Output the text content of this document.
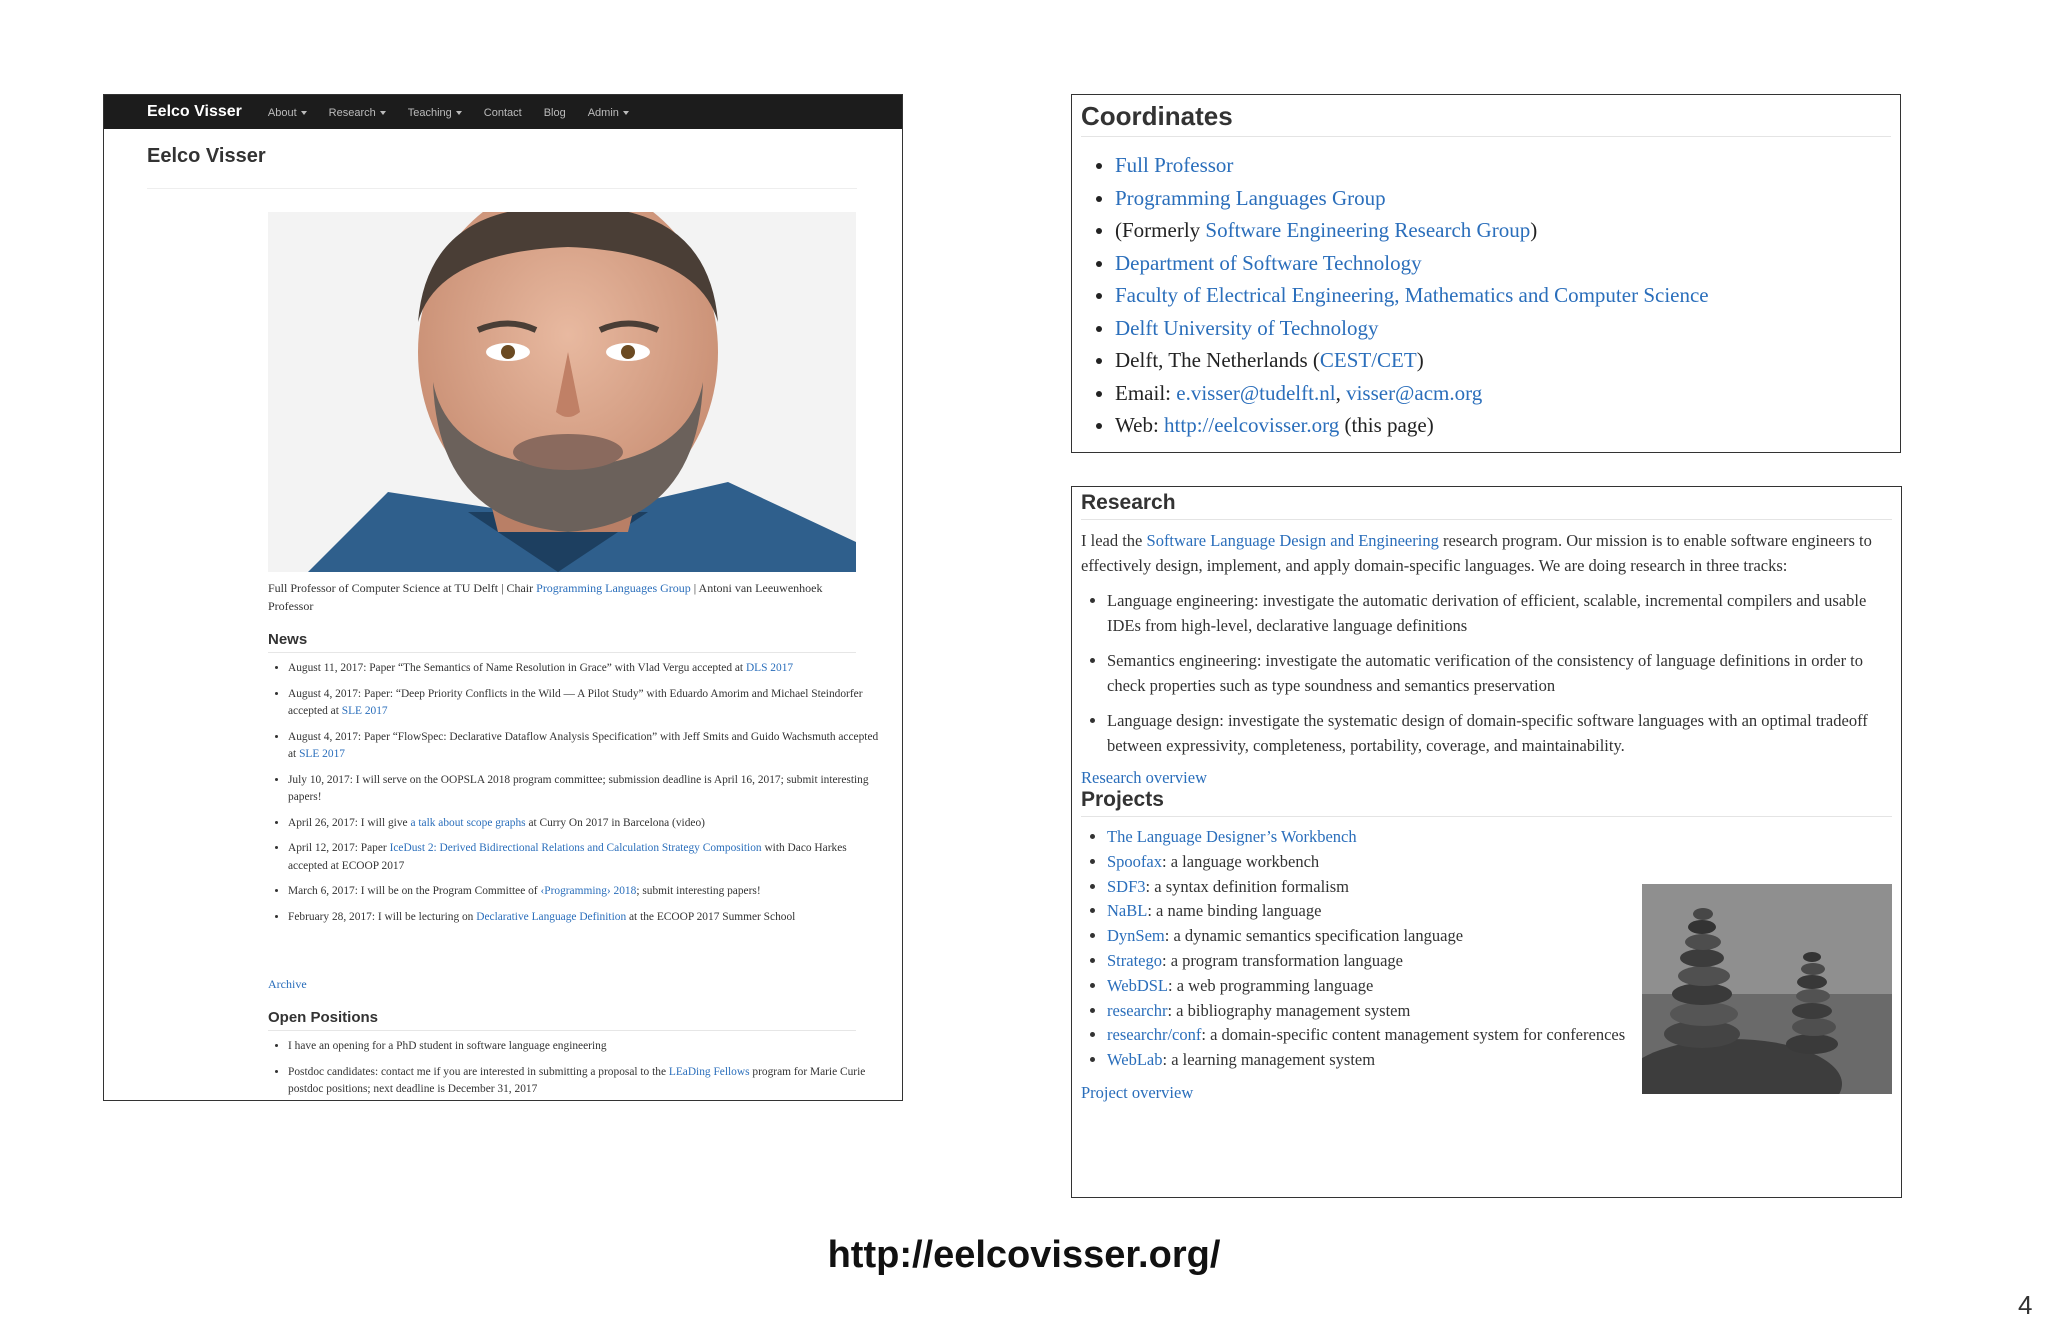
Eelco Visser About	Research	Teaching	Contact Blog Admin
Eelco Visser
Full Professor of Computer Science at TU Delft | Chair Programming Languages Group | Antoni van Leeuwenhoek Professor
News
• August 11, 2017: Paper “The Semantics of Name Resolution in Grace” with Vlad Vergu accepted at DLS 2017
• August 4, 2017: Paper: “Deep Priority Conflicts in the Wild — A Pilot Study” with Eduardo Amorim and Michael Steindorfer accepted at SLE 2017
• August 4, 2017: Paper “FlowSpec: Declarative Dataflow Analysis Specification” with Jeff Smits and Guido Wachsmuth accepted at SLE 2017
• July 10, 2017: I will serve on the OOPSLA 2018 program committee; submission deadline is April 16, 2017; submit interesting papers!
• April 26, 2017: I will give a talk about scope graphs at Curry On 2017 in Barcelona (video)
• April 12, 2017: Paper IceDust 2: Derived Bidirectional Relations and Calculation Strategy Composition with Daco Harkes accepted at ECOOP 2017
• March 6, 2017: I will be on the Program Committee of ‹Programming› 2018; submit interesting papers!
• February 28, 2017: I will be lecturing on Declarative Language Definition at the ECOOP 2017 Summer School
Archive
Open Positions
• I have an opening for a PhD student in software language engineering
• Postdoc candidates: contact me if you are interested in submitting a proposal to the LEaDing Fellows program for Marie Curie postdoc positions; next deadline is December 31, 2017
Coordinates
• Full Professor
• Programming Languages Group
• (Formerly Software Engineering Research Group)
• Department of Software Technology
• Faculty of Electrical Engineering, Mathematics and Computer Science
• Delft University of Technology
• Delft, The Netherlands (CEST/CET)
• Email: e.visser@tudelft.nl, visser@acm.org
• Web: http://eelcovisser.org (this page)
Research

I lead the Software Language Design and Engineering research program. Our mission is to enable software engineers to effectively design, implement, and apply domain-specific languages. We are doing research in three tracks:

• Language engineering: investigate the automatic derivation of efficient, scalable, incremental compilers and usable IDEs from high-level, declarative language definitions
• Semantics engineering: investigate the automatic verification of the consistency of language definitions in order to check properties such as type soundness and semantics preservation
• Language design: investigate the systematic design of domain-specific software languages with an optimal tradeoff between expressivity, completeness, portability, coverage, and maintainability.
Research overview
Projects
• The Language Designer’s Workbench
• Spoofax: a language workbench
• SDF3: a syntax definition formalism
• NaBL: a name binding language
• DynSem: a dynamic semantics specification language
• Stratego: a program transformation language
• WebDSL: a web programming language
• researchr: a bibliography management system
• researchr/conf: a domain-specific content management system for conferences
• WebLab: a learning management system
Project overview
http://eelcovisser.org/
4
